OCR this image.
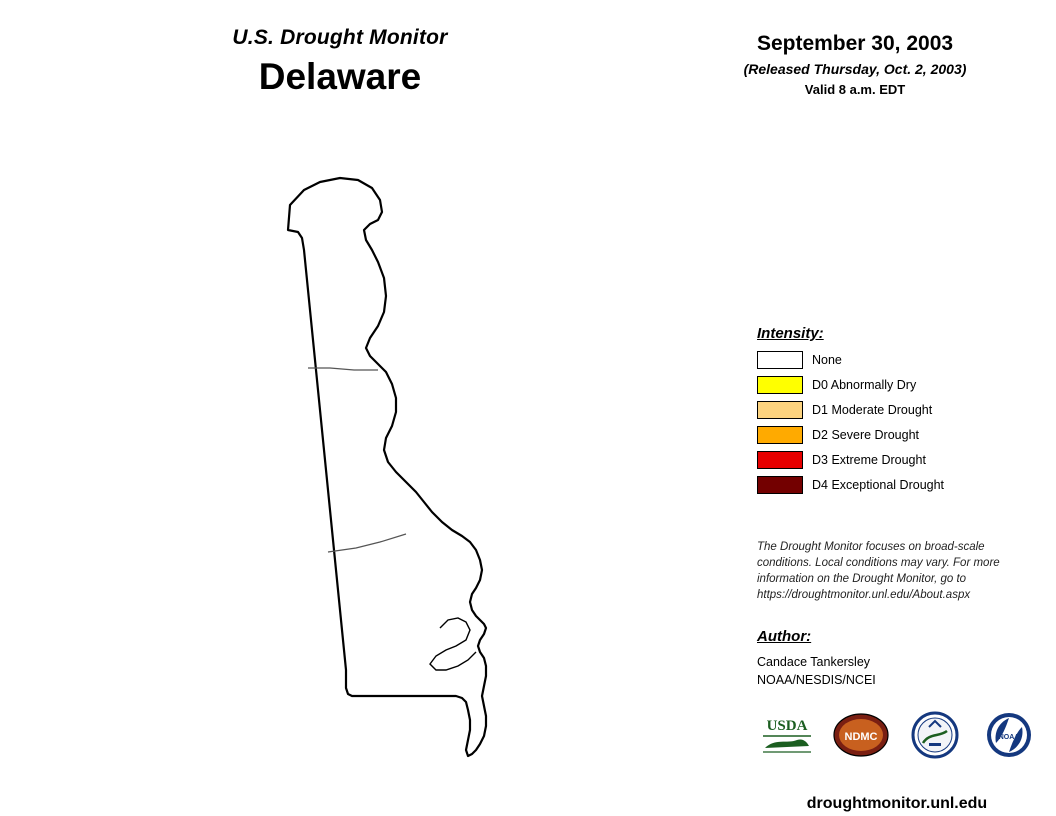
U.S. Drought Monitor
Delaware
September 30, 2003
(Released Thursday, Oct. 2, 2003)
Valid 8 a.m. EDT
Intensity:
None
D0 Abnormally Dry
D1 Moderate Drought
D2 Severe Drought
D3 Extreme Drought
D4 Exceptional Drought
The Drought Monitor focuses on broad-scale conditions. Local conditions may vary. For more information on the Drought Monitor, go to https://droughtmonitor.unl.edu/About.aspx
Author:
Candace Tankersley
NOAA/NESDIS/NCEI
USDA
NDMC	NOAA
droughtmonitor.unl.edu
